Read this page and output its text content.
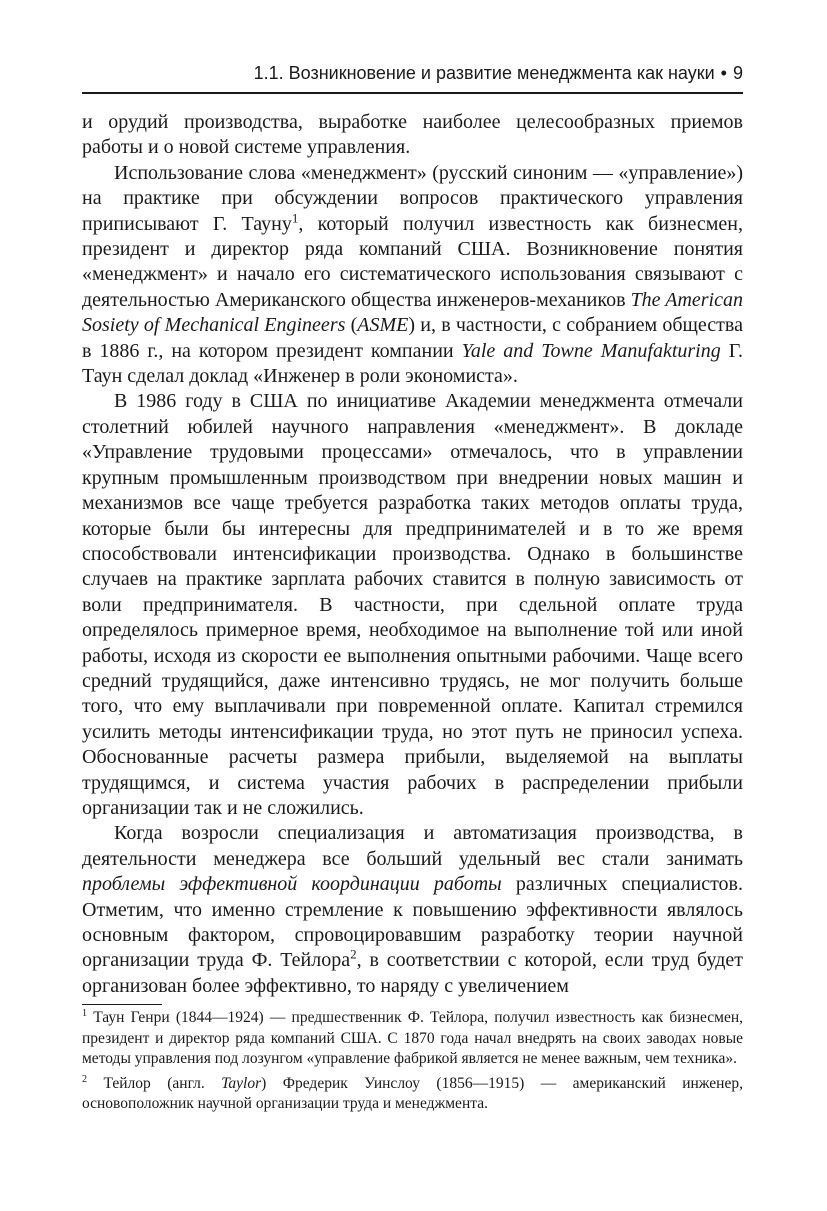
1.1. Возникновение и развитие менеджмента как науки • 9

и орудий производства, выработке наиболее целесообразных приемов работы и о новой системе управления.

Использование слова «менеджмент» (русский синоним — «управление») на практике при обсуждении вопросов практического управления приписывают Г. Тауну$^1$, который получил известность как бизнесмен, президент и директор ряда компаний США. Возникновение понятия «менеджмент» и начало его систематического использования связывают с деятельностью Американского общества инженеров-механиков The American Sosiety of Mechanical Engineers (ASME) и, в частности, с собранием общества в 1886 г., на котором президент компании Yale and Towne Manufakturing Г. Таун сделал доклад «Инженер в роли экономиста».

В 1986 году в США по инициативе Академии менеджмента отмечали столетний юбилей научного направления «менеджмент». В докладе «Управление трудовыми процессами» отмечалось, что в управлении крупным промышленным производством при внедрении новых машин и механизмов все чаще требуется разработка таких методов оплаты труда, которые были бы интересны для предпринимателей и в то же время способствовали интенсификации производства. Однако в большинстве случаев на практике зарплата рабочих ставится в полную зависимость от воли предпринимателя. В частности, при сдельной оплате труда определялось примерное время, необходимое на выполнение той или иной работы, исходя из скорости ее выполнения опытными рабочими. Чаще всего средний трудящийся, даже интенсивно трудясь, не мог получить больше того, что ему выплачивали при повременной оплате. Капитал стремился усилить методы интенсификации труда, но этот путь не приносил успеха. Обоснованные расчеты размера прибыли, выделяемой на выплаты трудящимся, и система участия рабочих в распределении прибыли организации так и не сложились.

Когда возросли специализация и автоматизация производства, в деятельности менеджера все больший удельный вес стали занимать проблемы эффективной координации работы различных специалистов. Отметим, что именно стремление к повышению эффективности являлось основным фактором, спровоцировавшим разработку теории научной организации труда Ф. Тейлора$^2$, в соответствии с которой, если труд будет организован более эффективно, то наряду с увеличением

$^1$ Таун Генри (1844—1924) — предшественник Ф. Тейлора, получил известность как бизнесмен, президент и директор ряда компаний США. С 1870 года начал внедрять на своих заводах новые методы управления под лозунгом «управление фабрикой является не менее важным, чем техника».

$^2$ Тейлор (англ. Taylor) Фредерик Уинслоу (1856—1915) — американский инженер, основоположник научной организации труда и менеджмента.
